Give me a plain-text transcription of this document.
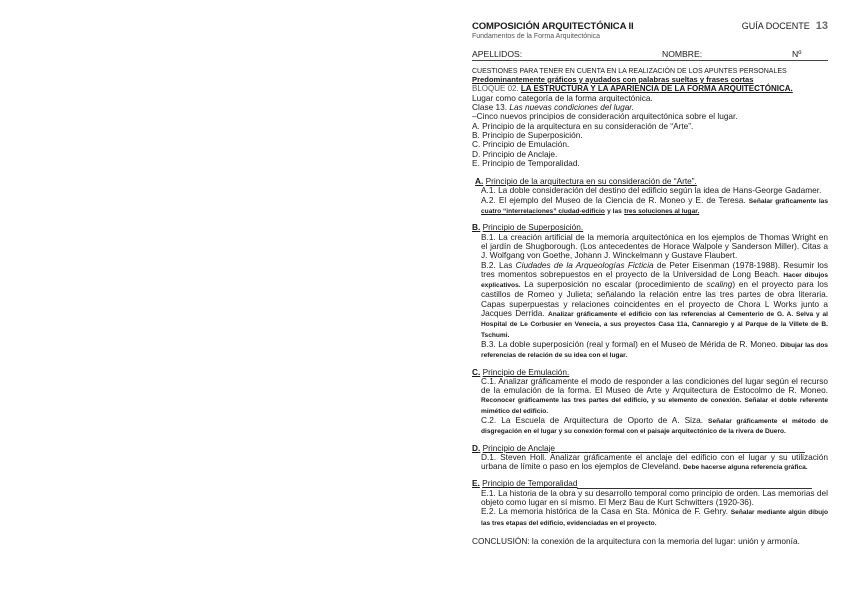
COMPOSICIÓN ARQUITECTÓNICA II
Fundamentos de la Forma Arquitectónica
GUÍA DOCENTE 13
APELLIDOS:	NOMBRE:	Nº
CUESTIONES PARA TENER EN CUENTA EN LA REALIZACIÓN DE LOS APUNTES PERSONALES
Predominantemente gráficos y ayudados con palabras sueltas y frases cortas
BLOQUE 02. LA ESTRUCTURA Y LA APARIENCIA DE LA FORMA ARQUITECTÓNICA.
Lugar como categoría de la forma arquitectónica.
Clase 13. Las nuevas condiciones del lugar.
–Cinco nuevos principios de consideración arquitectónica sobre el lugar.
A. Principio de la arquitectura en su consideración de “Arte”.
B. Principio de Superposición.
C. Principio de Emulación.
D. Principio de Anclaje.
E. Principio de Temporalidad.
A. Principio de la arquitectura en su consideración de “Arte”.
A.1. La doble consideración del destino del edificio según la idea de Hans-George Gadamer.
A.2. El ejemplo del Museo de la Ciencia de R. Moneo y E. de Teresa. Señalar gráficamente las cuatro “interrelaciones” ciudad-edificio y las tres soluciones al lugar.
B. Principio de Superposición.
B.1. La creación artificial de la memoria arquitectónica en los ejemplos de Thomas Wright en el jardín de Shugborough. (Los antecedentes de Horace Walpole y Sanderson Miller). Citas a J. Wolfgang von Goethe, Johann J. Winckelmann y Gustave Flaubert.
B.2. Las Ciudades de la Arqueologías Ficticia de Peter Eisenman (1978-1988). Resumir los tres momentos sobrepuestos en el proyecto de la Universidad de Long Beach. Hacer dibujos explicativos. La superposición no escalar (procedimiento de scaling) en el proyecto para los castillos de Romeo y Julieta; señalando la relación entre las tres partes de obra literaria. Capas superpuestas y relaciones coincidentes en el proyecto de Chora L Works junto a Jacques Derrida. Analizar gráficamente el edificio con las referencias al Cementerio de G. A. Selva y al Hospital de Le Corbusier en Venecia, a sus proyectos Casa 11a, Cannaregio y al Parque de la Villete de B. Tschumi.
B.3. La doble superposición (real y formal) en el Museo de Mérida de R. Moneo. Dibujar las dos referencias de relación de su idea con el lugar.
C. Principio de Emulación.
C.1. Analizar gráficamente el modo de responder a las condiciones del lugar según el recurso de la emulación de la forma. El Museo de Arte y Arquitectura de Estocolmo de R. Moneo. Reconocer gráficamente las tres partes del edificio, y su elemento de conexión. Señalar el doble referente mimético del edificio.
C.2. La Escuela de Arquitectura de Oporto de A. Siza. Señalar gráficamente el método de disgregación en el lugar y su conexión formal con el paisaje arquitectónico de la rivera de Duero.
D. Principio de Anclaje
D.1. Steven Holl. Analizar gráficamente el anclaje del edificio con el lugar y su utilización urbana de límite o paso en los ejemplos de Cleveland. Debe hacerse alguna referencia gráfica.
E. Principio de Temporalidad
E.1. La historia de la obra y su desarrollo temporal como principio de orden. Las memorias del objeto como lugar en sí mismo. El Merz Bau de Kurt Schwitters (1920-36).
E.2. La memoria histórica de la Casa en Sta. Mónica de F. Gehry. Señalar mediante algún dibujo las tres etapas del edificio, evidenciadas en el proyecto.
CONCLUSIÓN: la conexión de la arquitectura con la memoria del lugar: unión y armonía.
